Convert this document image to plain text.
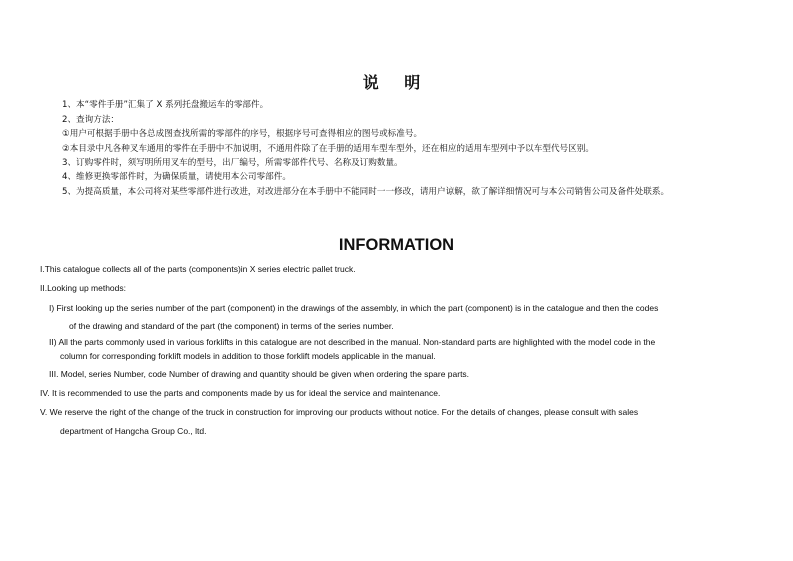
说 明
1、本“零件手册”汇集了 X 系列托盘搬运车的零部件。
2、查询方法：
①用户可根据手册中各总成图查找所需的零部件的序号，根据序号可查得相应的图号或标准号。
②本目录中凡各种叉车通用的零件在手册中不加说明，不通用件除了在手册的适用车型车型外，还在相应的适用车型列中予以车型代号区别。
3、订购零件时，须写明所用叉车的型号，出厂编号，所需零部件代号、名称及订购数量。
4、维修更换零部件时，为确保质量，请使用本公司零部件。
5、为提高质量，本公司将对某些零部件进行改进，对改进部分在本手册中不能同时一一修改，请用户谅解，欲了解详细情况可与本公司销售公司及备件处联系。
INFORMATION
I.This catalogue collects all of the parts (components)in X series electric pallet truck.
II.Looking up methods:
I) First looking up the series number of the part (component) in the drawings of the assembly, in which the part (component) is in the catalogue and then the codes
of the drawing and standard of the part (the component) in terms of the series number.
II) All the parts commonly used in various forklifts in this catalogue are not described in the manual. Non-standard parts are highlighted with the model code in the
column for corresponding forklift models in addition to those forklift models applicable in the manual.
III. Model, series Number, code Number of drawing and quantity should be given when ordering the spare parts.
IV. It is recommended to use the parts and components made by us for ideal the service and maintenance.
V. We reserve the right of the change of the truck in construction for improving our products without notice. For the details of changes, please consult with sales
department of Hangcha Group Co., ltd.
